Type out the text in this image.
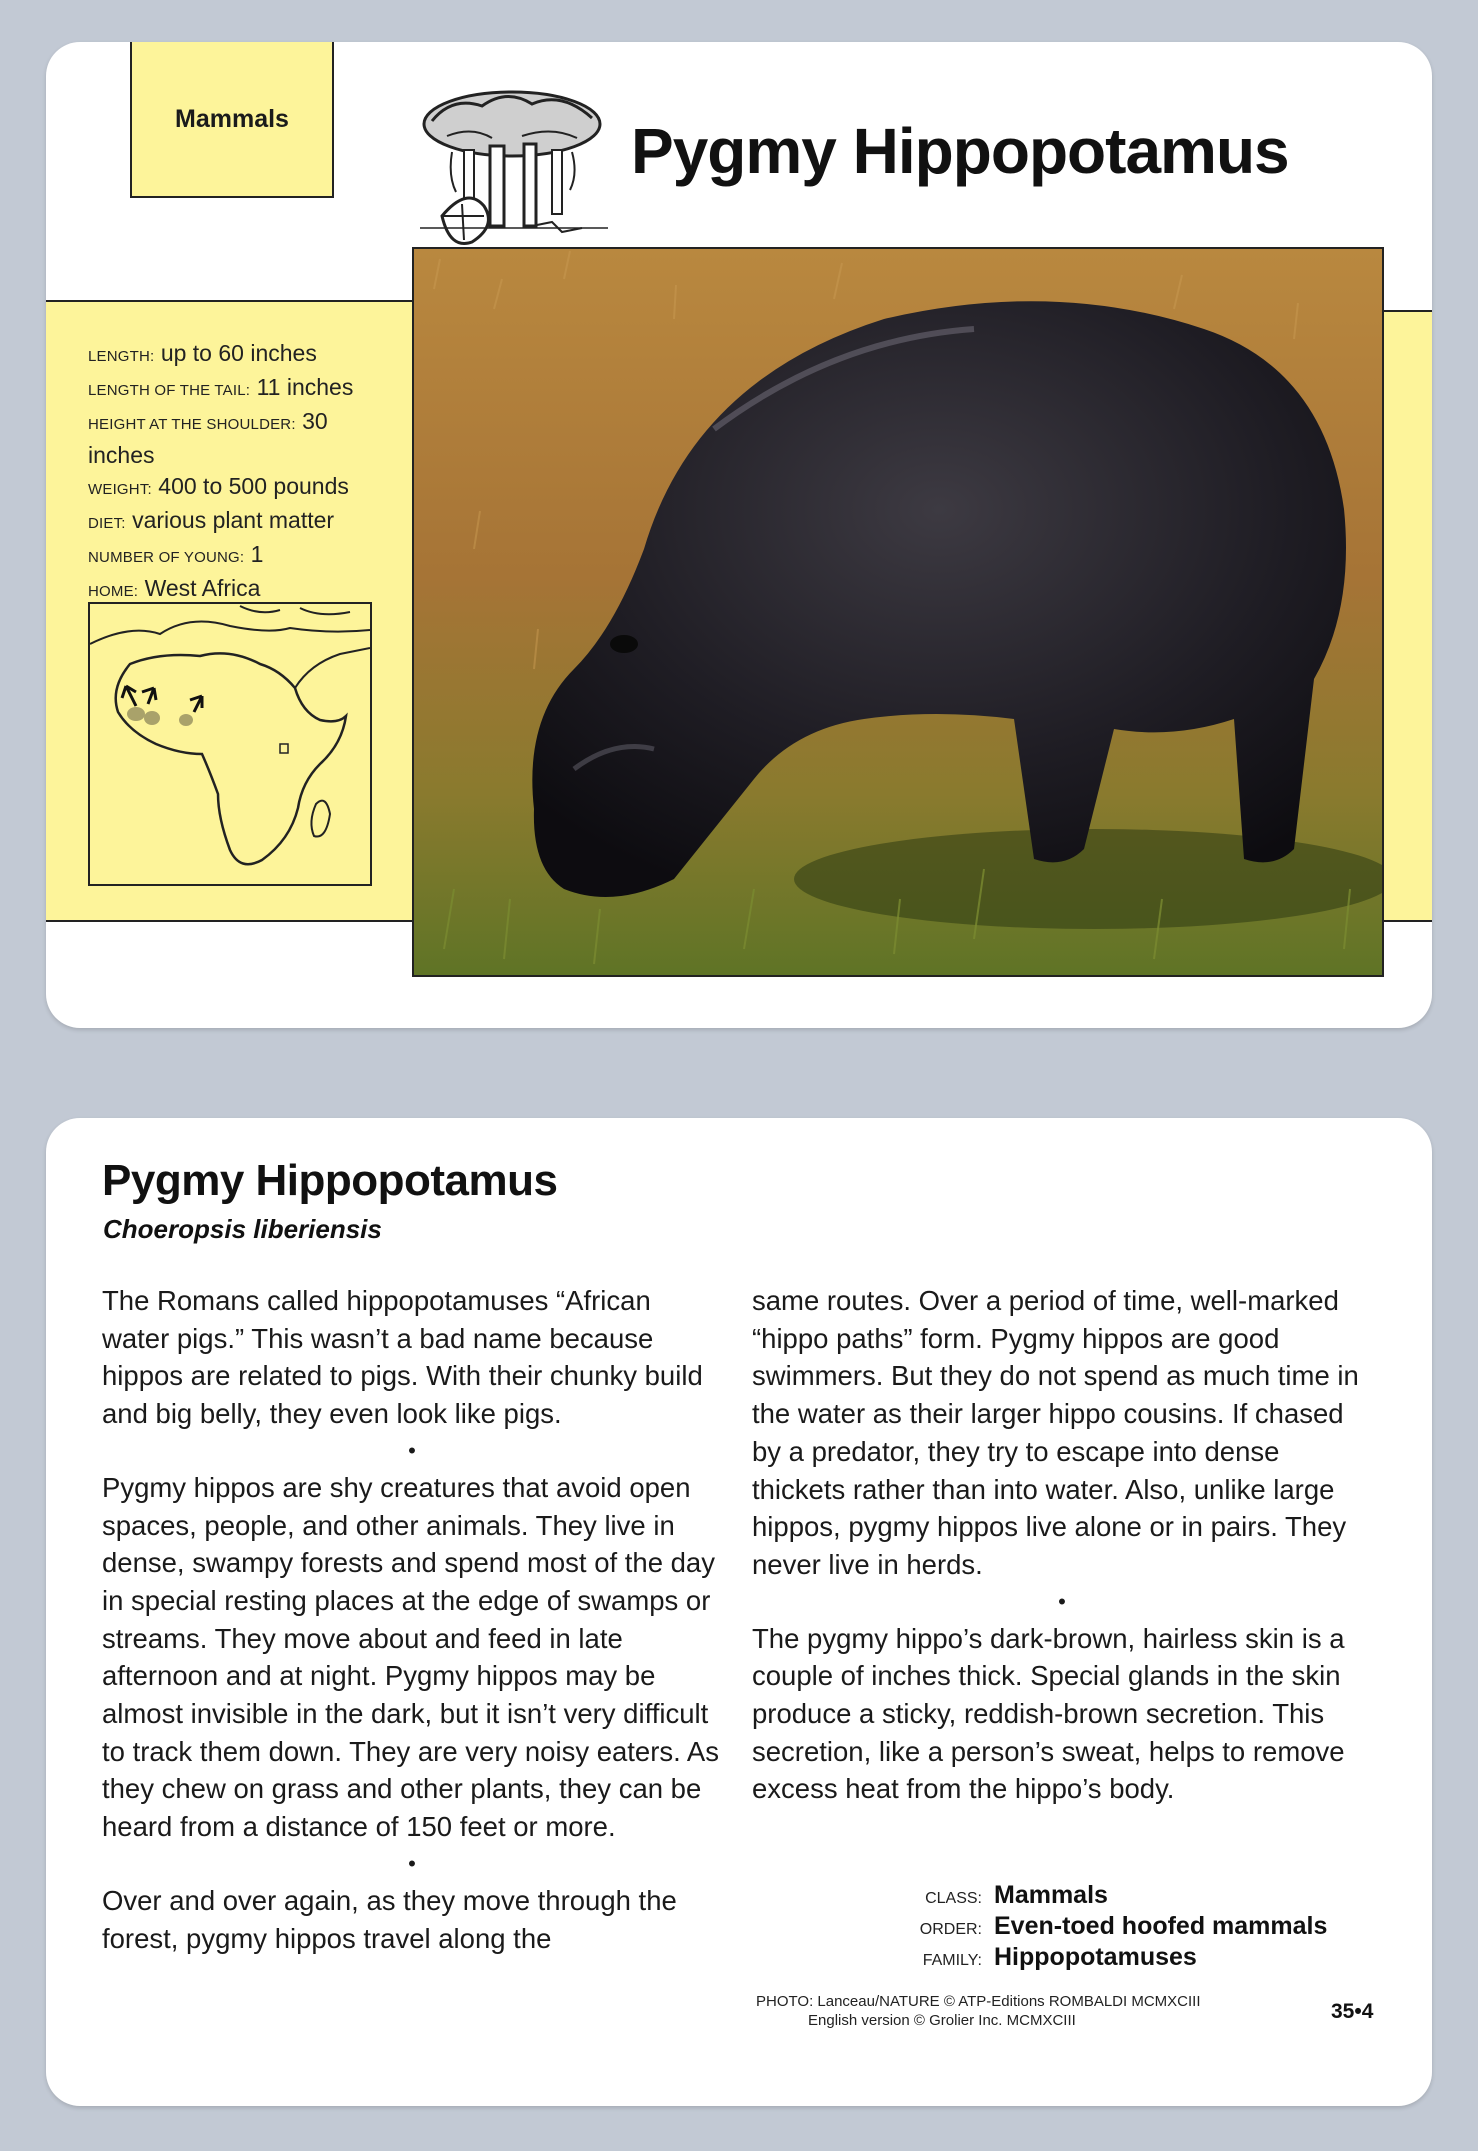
Mammals	Pygmy Hippopotamus
LENGTH: up to 60 inches
LENGTH OF THE TAIL: 11 inches
HEIGHT AT THE SHOULDER: 30 inches
WEIGHT: 400 to 500 pounds
DIET: various plant matter
NUMBER OF YOUNG: 1
HOME: West Africa
Pygmy Hippopotamus
Choeropsis liberiensis

The Romans called hippopotamuses “African water pigs.” This wasn’t a bad name because hippos are related to pigs. With their chunky build and big belly, they even look like pigs.

•

Pygmy hippos are shy creatures that avoid open spaces, people, and other animals. They live in dense, swampy forests and spend most of the day in special resting places at the edge of swamps or streams. They move about and feed in late afternoon and at night. Pygmy hippos may be almost invisible in the dark, but it isn’t very difficult to track them down. They are very noisy eaters. As they chew on grass and other plants, they can be heard from a distance of 150 feet or more.

•

Over and over again, as they move through the forest, pygmy hippos travel along the

same routes. Over a period of time, well-marked “hippo paths” form. Pygmy hippos are good swimmers. But they do not spend as much time in the water as their larger hippo cousins. If chased by a predator, they try to escape into dense thickets rather than into water. Also, unlike large hippos, pygmy hippos live alone or in pairs. They never live in herds.

•

The pygmy hippo’s dark-brown, hairless skin is a couple of inches thick. Special glands in the skin produce a sticky, reddish-brown secretion. This secretion, like a person’s sweat, helps to remove excess heat from the hippo’s body.

CLASS: Mammals
ORDER: Even-toed hoofed mammals
FAMILY: Hippopotamuses
PHOTO: Lanceau/NATURE © ATP-Editions ROMBALDI MCMXCIII
English version © Grolier Inc. MCMXCIII	35•4
